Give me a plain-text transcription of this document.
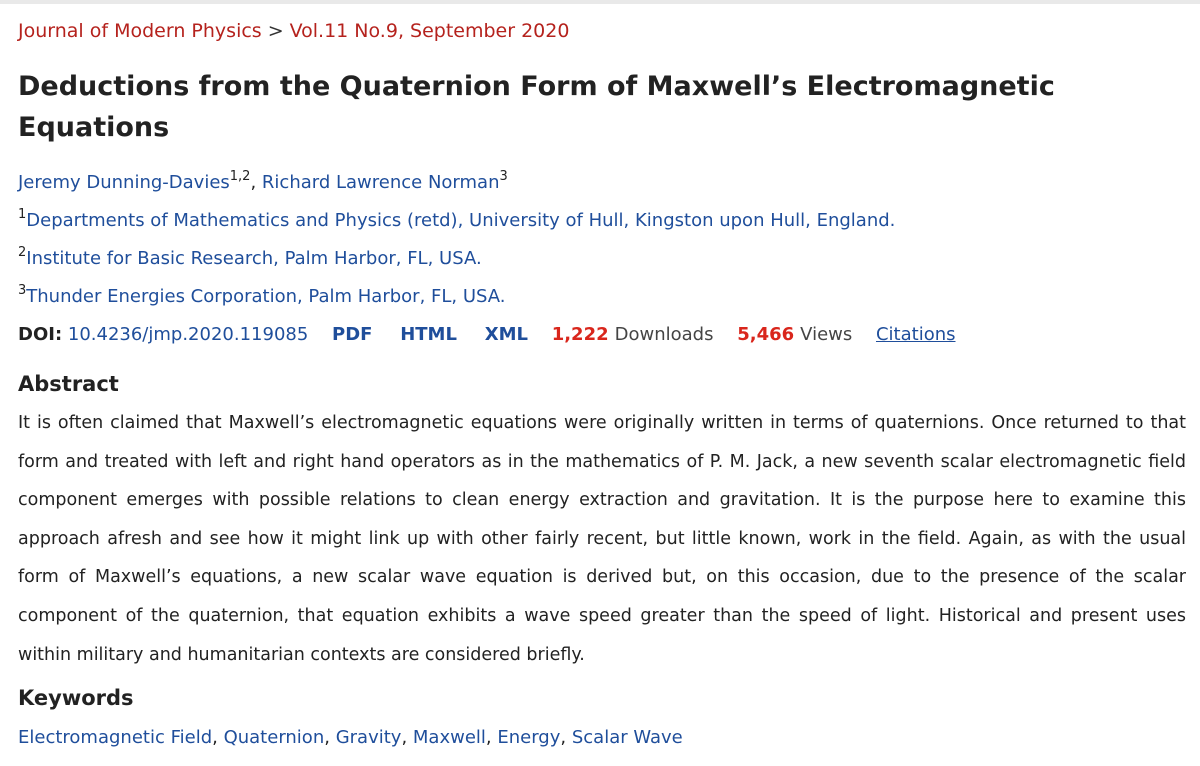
Journal of Modern Physics > Vol.11 No.9, September 2020
Deductions from the Quaternion Form of Maxwell’s Electromagnetic Equations
Jeremy Dunning-Davies$^{1,2}$, Richard Lawrence Norman$^3$
$^1$Departments of Mathematics and Physics (retd), University of Hull, Kingston upon Hull, England.
$^2$Institute for Basic Research, Palm Harbor, FL, USA.
$^3$Thunder Energies Corporation, Palm Harbor, FL, USA.
DOI: 10.4236/jmp.2020.119085 PDF HTML XML 1,222 Downloads 5,466 Views Citations
Abstract

It is often claimed that Maxwell’s electromagnetic equations were originally written in terms of quaternions. Once returned to that form and treated with left and right hand operators as in the mathematics of P. M. Jack, a new seventh scalar electromagnetic field component emerges with possible relations to clean energy extraction and gravitation. It is the purpose here to examine this approach afresh and see how it might link up with other fairly recent, but little known, work in the field. Again, as with the usual form of Maxwell’s equations, a new scalar wave equation is derived but, on this occasion, due to the presence of the scalar component of the quaternion, that equation exhibits a wave speed greater than the speed of light. Historical and present uses within military and humanitarian contexts are considered briefly.

Keywords
Electromagnetic Field, Quaternion, Gravity, Maxwell, Energy, Scalar Wave
